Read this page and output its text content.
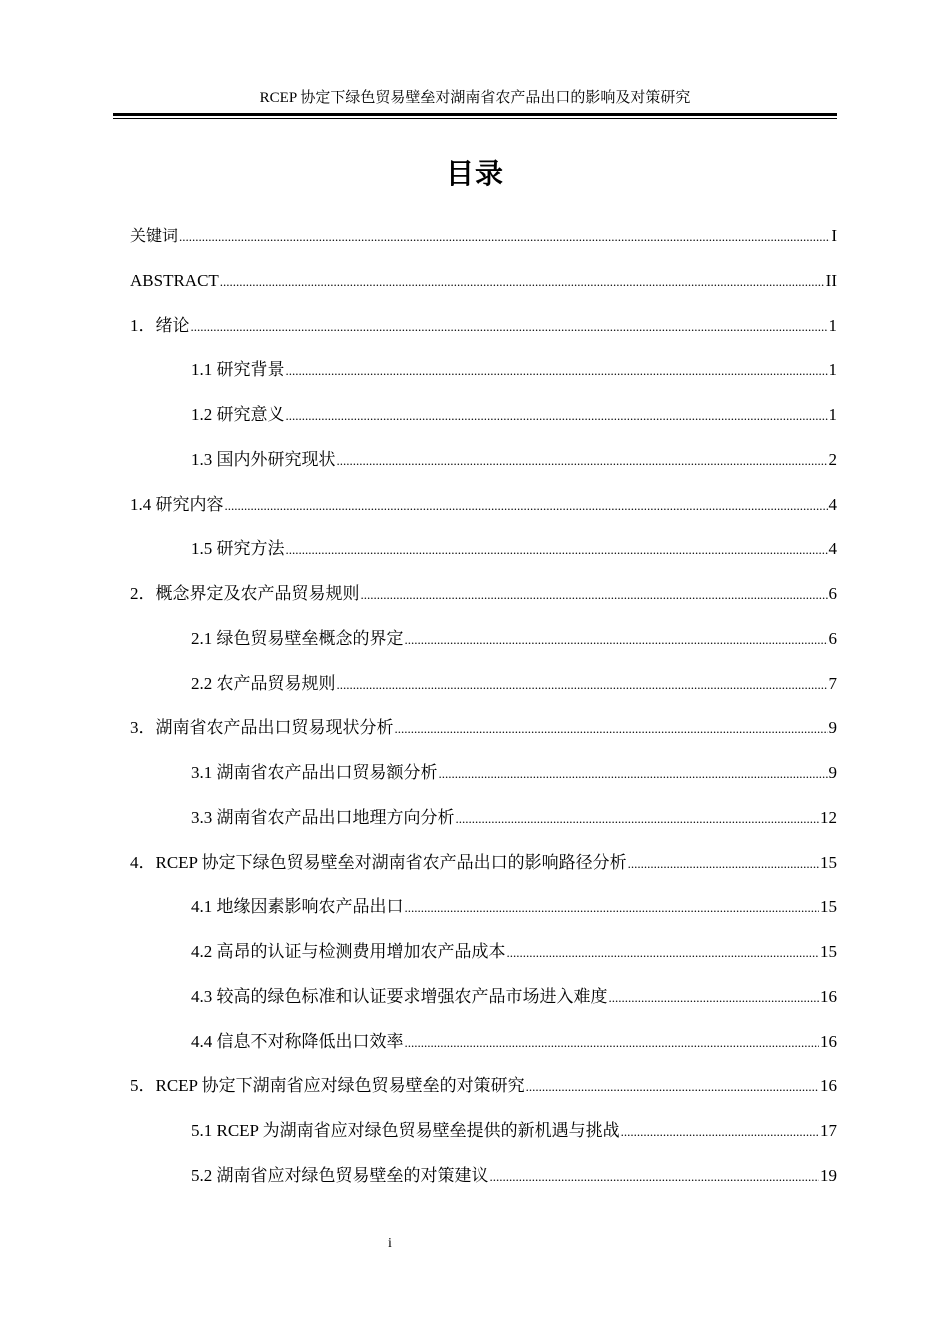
RCEP 协定下绿色贸易壁垒对湖南省农产品出口的影响及对策研究
目录
关键词 .....	I
ABSTRACT .....	II
1．绪论 .....	1
1.1 研究背景 .....	1
1.2 研究意义 .....	1
1.3 国内外研究现状 .....	2
1.4 研究内容 .....	4
1.5 研究方法 .....	4
2．概念界定及农产品贸易规则 .....	6
2.1 绿色贸易壁垒概念的界定 .....	6
2.2 农产品贸易规则 .....	7
3．湖南省农产品出口贸易现状分析 .....	9
3.1 湖南省农产品出口贸易额分析 .....	9
3.3 湖南省农产品出口地理方向分析 .....	12
4．RCEP 协定下绿色贸易壁垒对湖南省农产品出口的影响路径分析 .....	15
4.1 地缘因素影响农产品出口 .....	15
4.2 高昂的认证与检测费用增加农产品成本 .....	15
4.3 较高的绿色标准和认证要求增强农产品市场进入难度 .....	16
4.4 信息不对称降低出口效率 .....	16
5．RCEP 协定下湖南省应对绿色贸易壁垒的对策研究 .....	16
5.1 RCEP 为湖南省应对绿色贸易壁垒提供的新机遇与挑战 .....	17
5.2 湖南省应对绿色贸易壁垒的对策建议 .....	19
i
